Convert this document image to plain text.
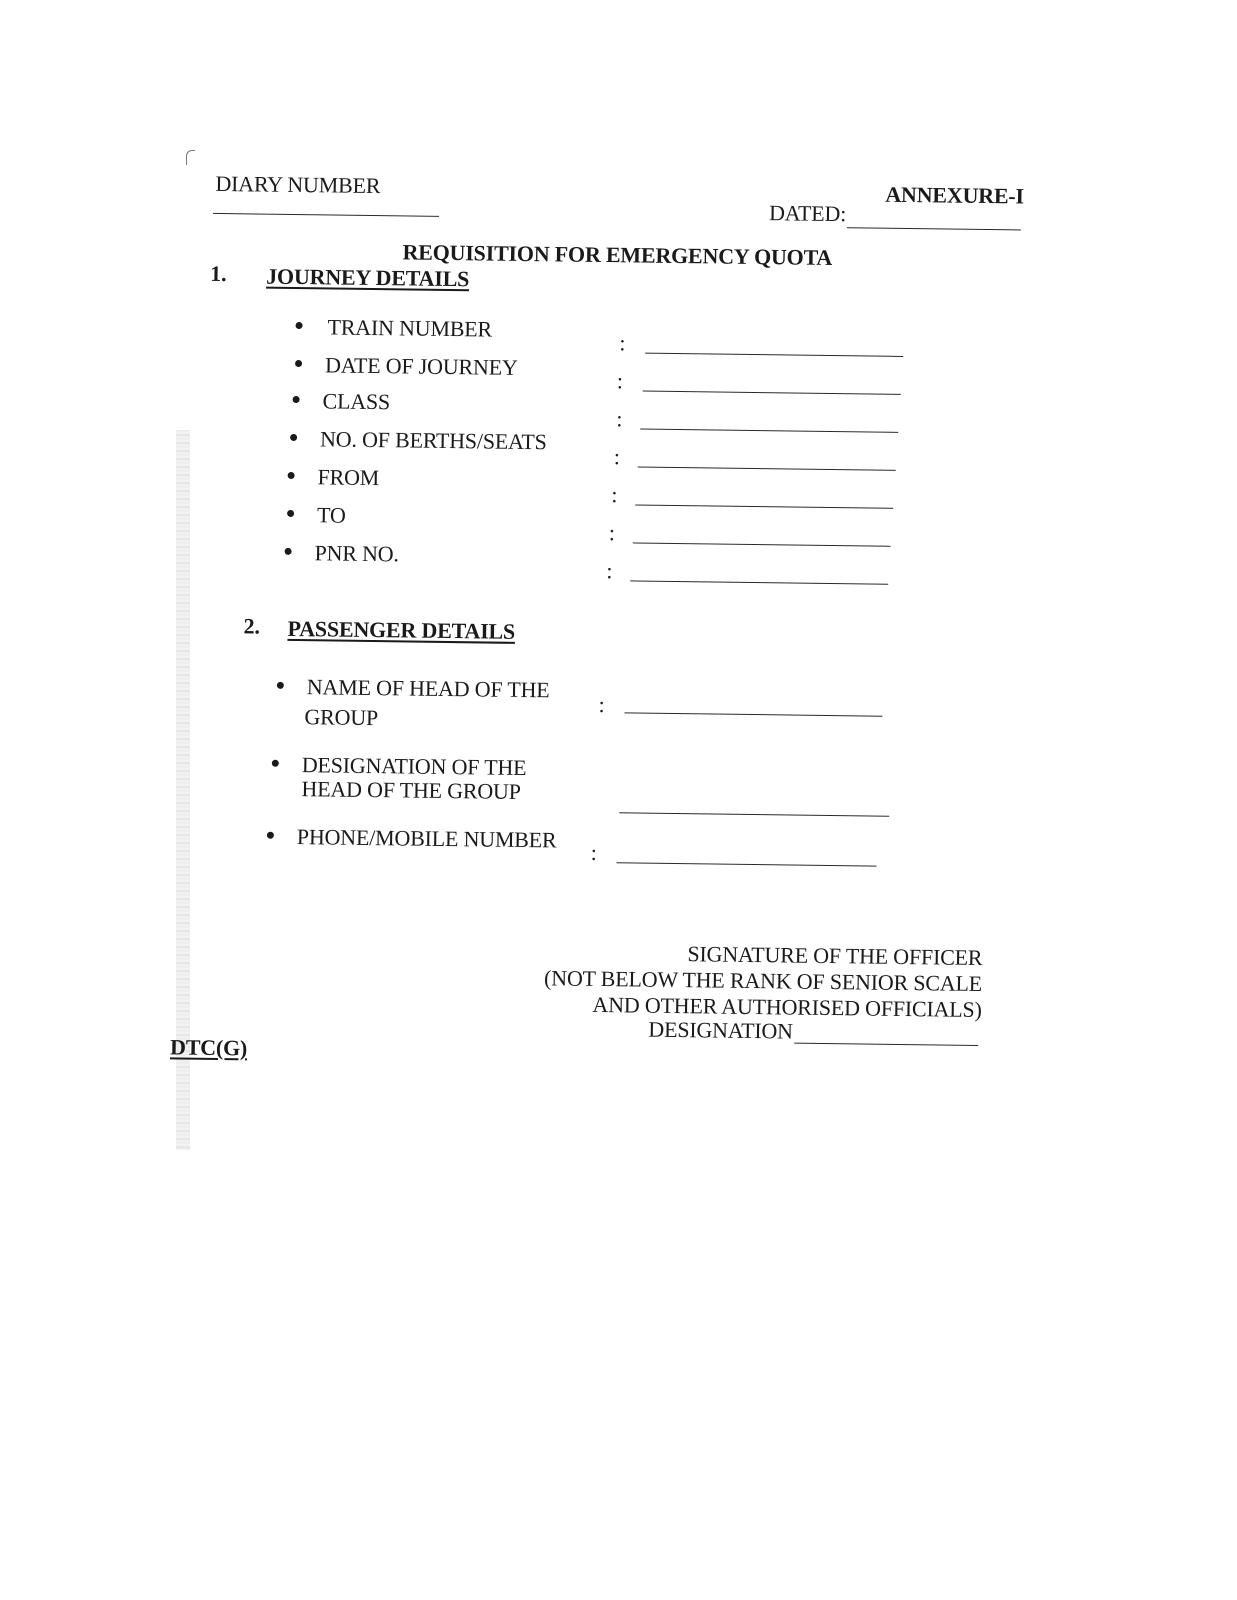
DIARY NUMBER	ANNEXURE-I
DATED:
REQUISITION FOR EMERGENCY QUOTA
1. JOURNEY DETAILS
TRAIN NUMBER
:
DATE OF JOURNEY
:
CLASS
:
NO. OF BERTHS/SEATS
:
FROM
:
TO
:
PNR NO.
:
2. PASSENGER DETAILS
NAME OF HEAD OF THE
GROUP	:
DESIGNATION OF THE
HEAD OF THE GROUP
PHONE/MOBILE NUMBER :
SIGNATURE OF THE OFFICER
(NOT BELOW THE RANK OF SENIOR SCALE
AND OTHER AUTHORISED OFFICIALS)
DESIGNATION
DTC(G)
